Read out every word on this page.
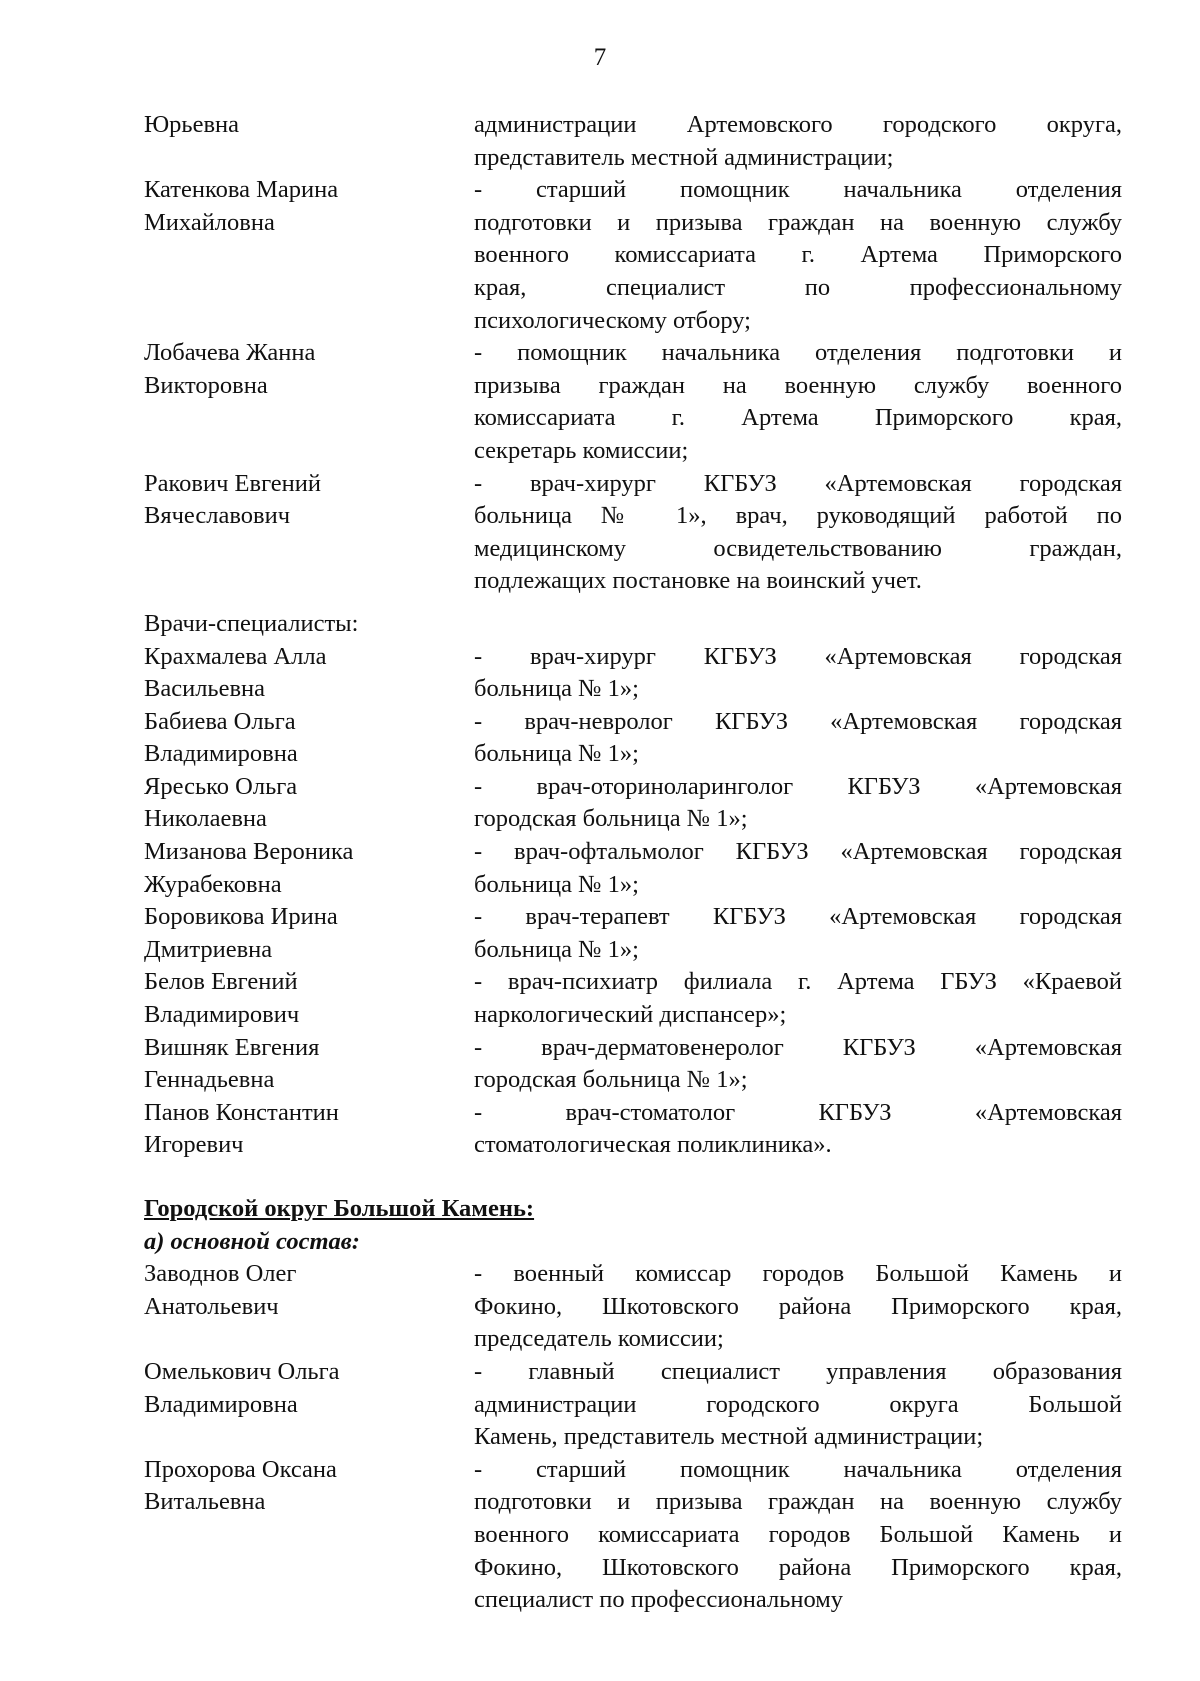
7
Юрьевна	администрации Артемовского городского округа,
представитель местной администрации;
Катенкова Марина
Михайловна
- старший помощник начальника отделения
подготовки и призыва граждан на военную службу
военного комиссариата г. Артема Приморского
края, специалист по профессиональному
психологическому отбору;
Лобачева Жанна
Викторовна
- помощник начальника отделения подготовки и
призыва граждан на военную службу военного
комиссариата г. Артема Приморского края,
секретарь комиссии;
Ракович Евгений
Вячеславович
- врач-хирург КГБУЗ «Артемовская городская
больница № 1», врач, руководящий работой по
медицинскому освидетельствованию граждан,
подлежащих постановке на воинский учет.
Врачи-специалисты:
Крахмалева Алла
Васильевна
- врач-хирург КГБУЗ «Артемовская городская
больница № 1»;
Бабиева Ольга
Владимировна
- врач-невролог КГБУЗ «Артемовская городская
больница № 1»;
Яресько Ольга
Николаевна
- врач-оториноларинголог КГБУЗ «Артемовская
городская больница № 1»;
Мизанова Вероника
Журабековна
- врач-офтальмолог КГБУЗ «Артемовская городская
больница № 1»;
Боровикова Ирина
Дмитриевна
- врач-терапевт КГБУЗ «Артемовская городская
больница № 1»;
Белов Евгений
Владимирович
- врач-психиатр филиала г. Артема ГБУЗ «Краевой
наркологический диспансер»;
Вишняк Евгения
Геннадьевна
- врач-дерматовенеролог КГБУЗ «Артемовская
городская больница № 1»;
Панов Константин
Игоревич
- врач-стоматолог КГБУЗ «Артемовская
стоматологическая поликлиника».
Городской округ Большой Камень:
а) основной состав:
Заводнов Олег
Анатольевич
- военный комиссар городов Большой Камень и
Фокино, Шкотовского района Приморского края,
председатель комиссии;
Омелькович Ольга
Владимировна
- главный специалист управления образования
администрации городского округа Большой
Камень, представитель местной администрации;
Прохорова Оксана
Витальевна
- старший помощник начальника отделения
подготовки и призыва граждан на военную службу
военного комиссариата городов Большой Камень и
Фокино, Шкотовского района Приморского края,
специалист по профессиональному
